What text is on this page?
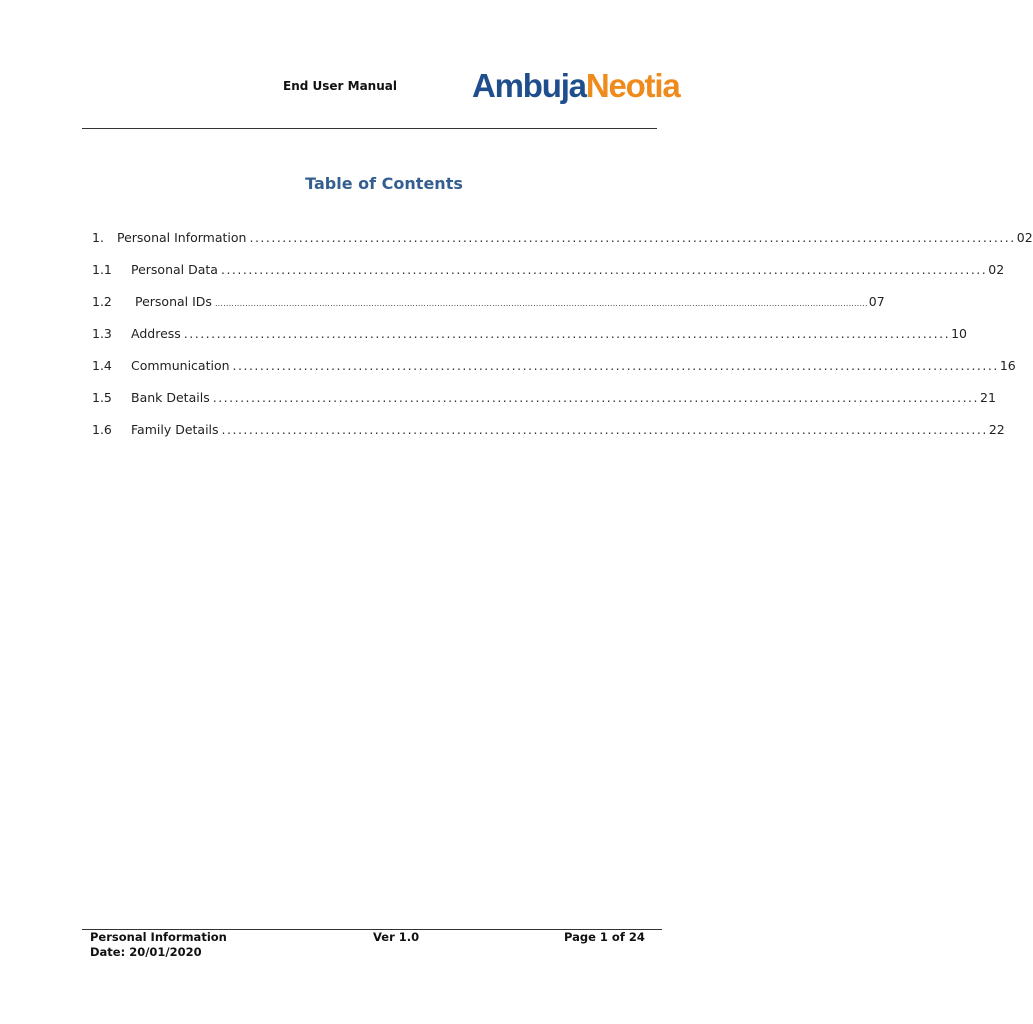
End User Manual	AmbujaNeotia
Table of Contents
1.	Personal Information ............................................................................................................................................ 02
1.1	Personal Data ............................................................................................................................................ 02
1.2	Personal IDs .............................................................................................................................................................................................................................................. 07
1.3	Address ............................................................................................................................................ 10
1.4	Communication ............................................................................................................................................ 16
1.5	Bank Details ............................................................................................................................................ 21
1.6	Family Details ............................................................................................................................................ 22
Personal Information
Date: 20/01/2020
Ver 1.0	Page 1 of 24
